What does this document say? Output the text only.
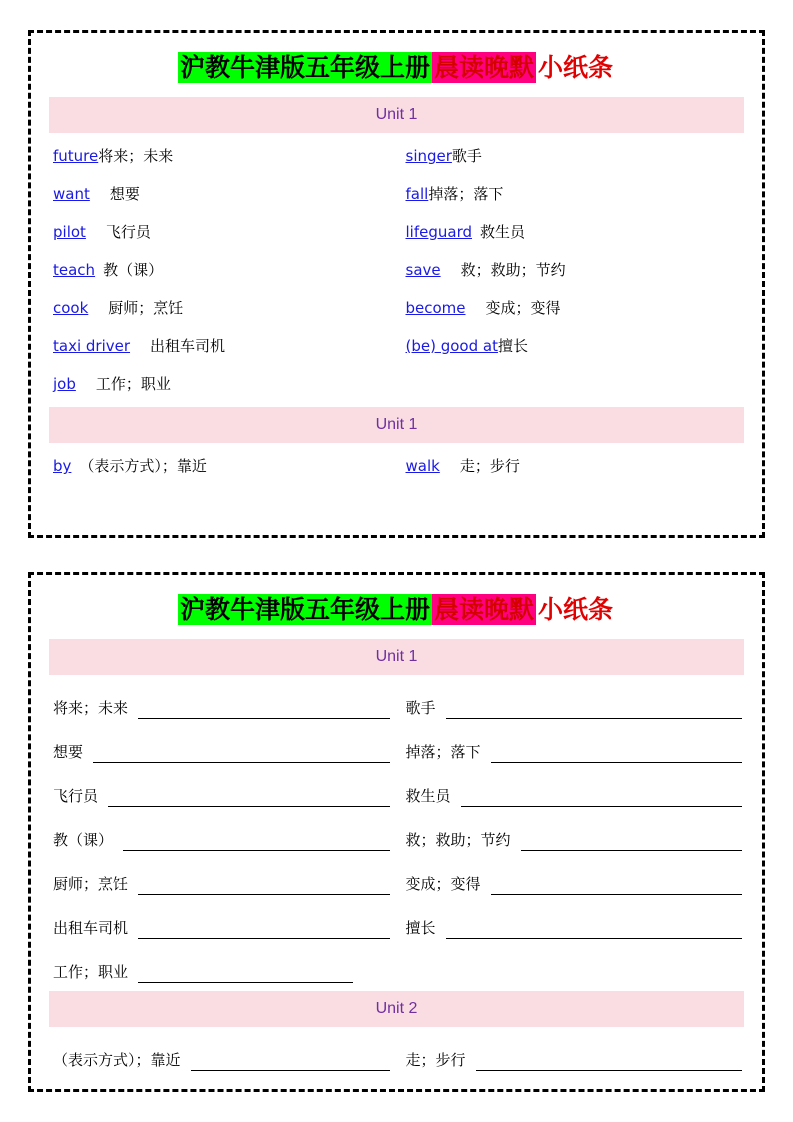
沪教牛津版五年级上册 晨读晚默 小纸条
Unit 1
future 将来；未来	singer 歌手
want 想要	fall 掉落；落下
pilot 飞行员	lifeguard 救生员
teach 教（课）	save 救；救助；节约
cook 厨师；烹饪	become 变成；变得
taxi driver 出租车司机	(be) good at 擅长
job 工作；职业
Unit 1
by （表示方式）；靠近	walk 走；步行
沪教牛津版五年级上册 晨读晚默 小纸条
Unit 1
将来；未来	歌手
想要	掉落；落下
飞行员	救生员
教（课）	救；救助；节约
厨师；烹饪	变成；变得
出租车司机	擅长
工作；职业
Unit 2
（表示方式）；靠近	走；步行
